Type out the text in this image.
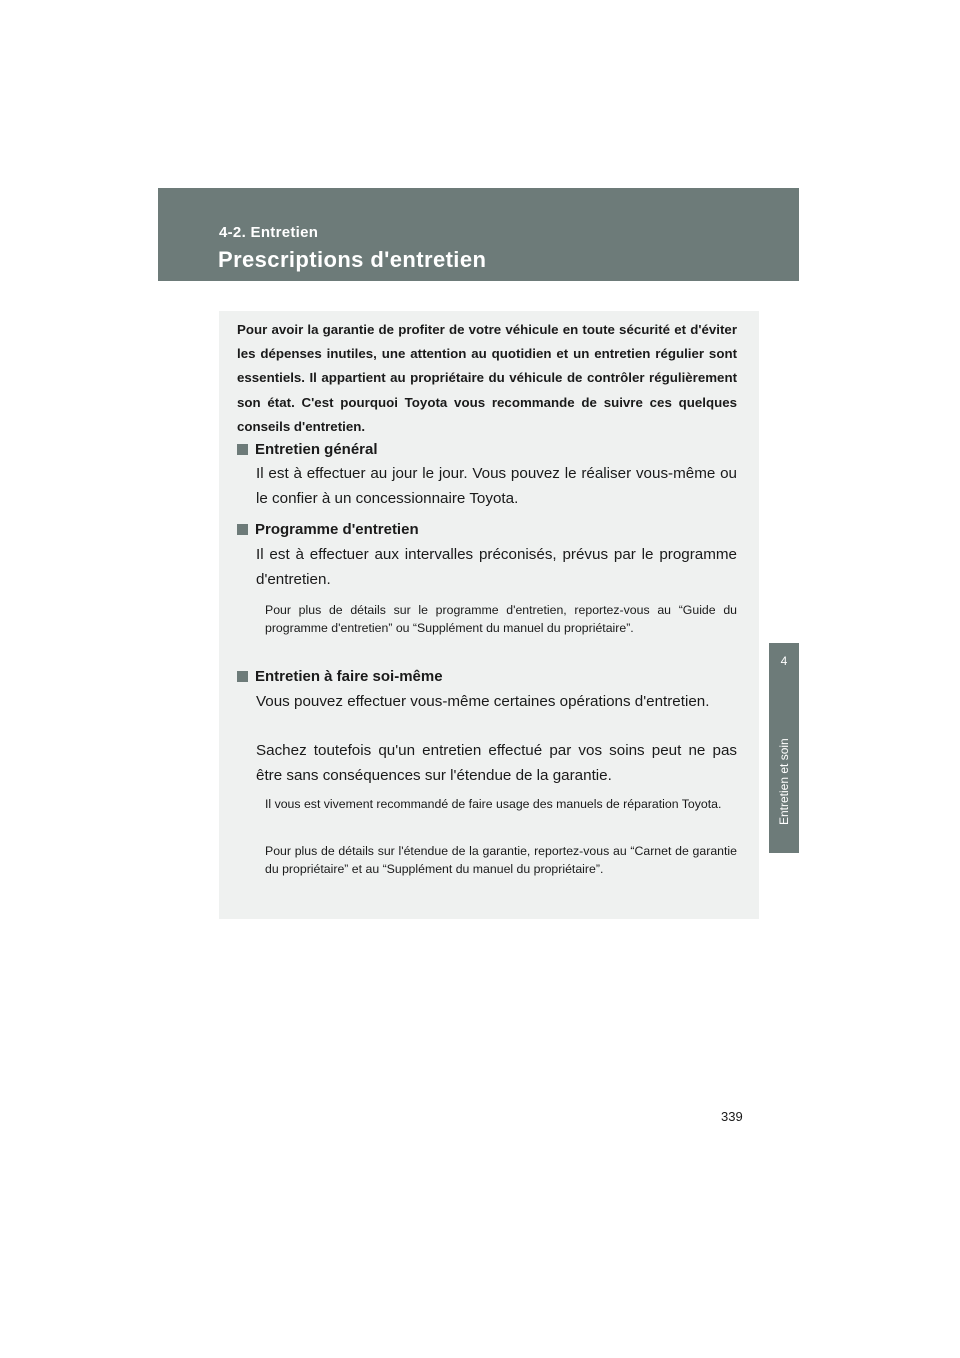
4-2. Entretien
Prescriptions d'entretien
4
Entretien et soin

Pour avoir la garantie de profiter de votre véhicule en toute sécurité et d'éviter les dépenses inutiles, une attention au quotidien et un entretien régulier sont essentiels. Il appartient au propriétaire du véhicule de contrôler régulièrement son état. C'est pourquoi Toyota vous recommande de suivre ces quelques conseils d'entretien.

Entretien général

Il est à effectuer au jour le jour. Vous pouvez le réaliser vous-même ou le confier à un concessionnaire Toyota.

Programme d'entretien

Il est à effectuer aux intervalles préconisés, prévus par le programme d'entretien.

Pour plus de détails sur le programme d'entretien, reportez-vous au “Guide du programme d'entretien” ou “Supplément du manuel du propriétaire”.

Entretien à faire soi-même

Vous pouvez effectuer vous-même certaines opérations d'entretien.

Sachez toutefois qu'un entretien effectué par vos soins peut ne pas être sans conséquences sur l'étendue de la garantie.

Il vous est vivement recommandé de faire usage des manuels de réparation Toyota.

Pour plus de détails sur l'étendue de la garantie, reportez-vous au “Carnet de garantie du propriétaire” et au “Supplément du manuel du propriétaire”.

339
